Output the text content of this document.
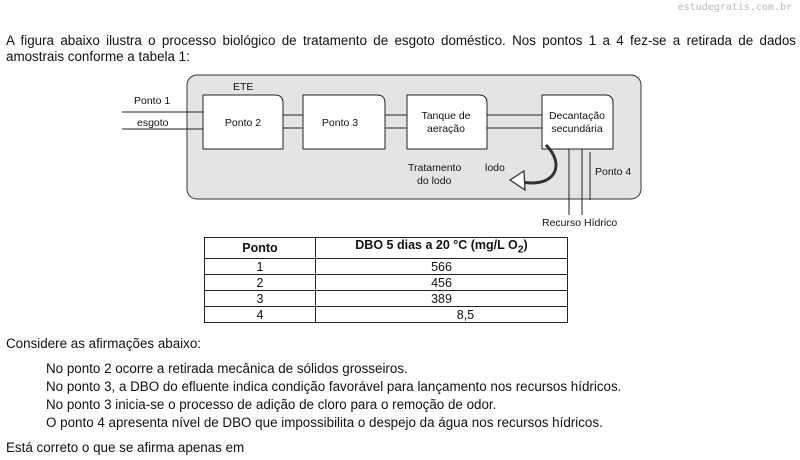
estudegratis.com.br
A figura abaixo ilustra o processo biológico de tratamento de esgoto doméstico. Nos pontos 1 a 4 fez-se a retirada de dados amostrais conforme a tabela 1:
ETE
Ponto 1
esgoto	Ponto 2	Ponto 3
Tanque de
aeração
Decantação
secundária
Tratamento
do lodo
lodo	Ponto 4
Recurso Hídrico
Ponto	DBO 5 dias a 20 °C (mg/L $O_2$)
1	566
2	456
3	389
4	8,5
Considere as afirmações abaixo:
No ponto 2 ocorre a retirada mecânica de sólidos grosseiros.
No ponto 3, a DBO do efluente indica condição favorável para lançamento nos recursos hídricos.
No ponto 3 inicia-se o processo de adição de cloro para o remoção de odor.
O ponto 4 apresenta nível de DBO que impossibilita o despejo da água nos recursos hídricos.
Está correto o que se afirma apenas em
